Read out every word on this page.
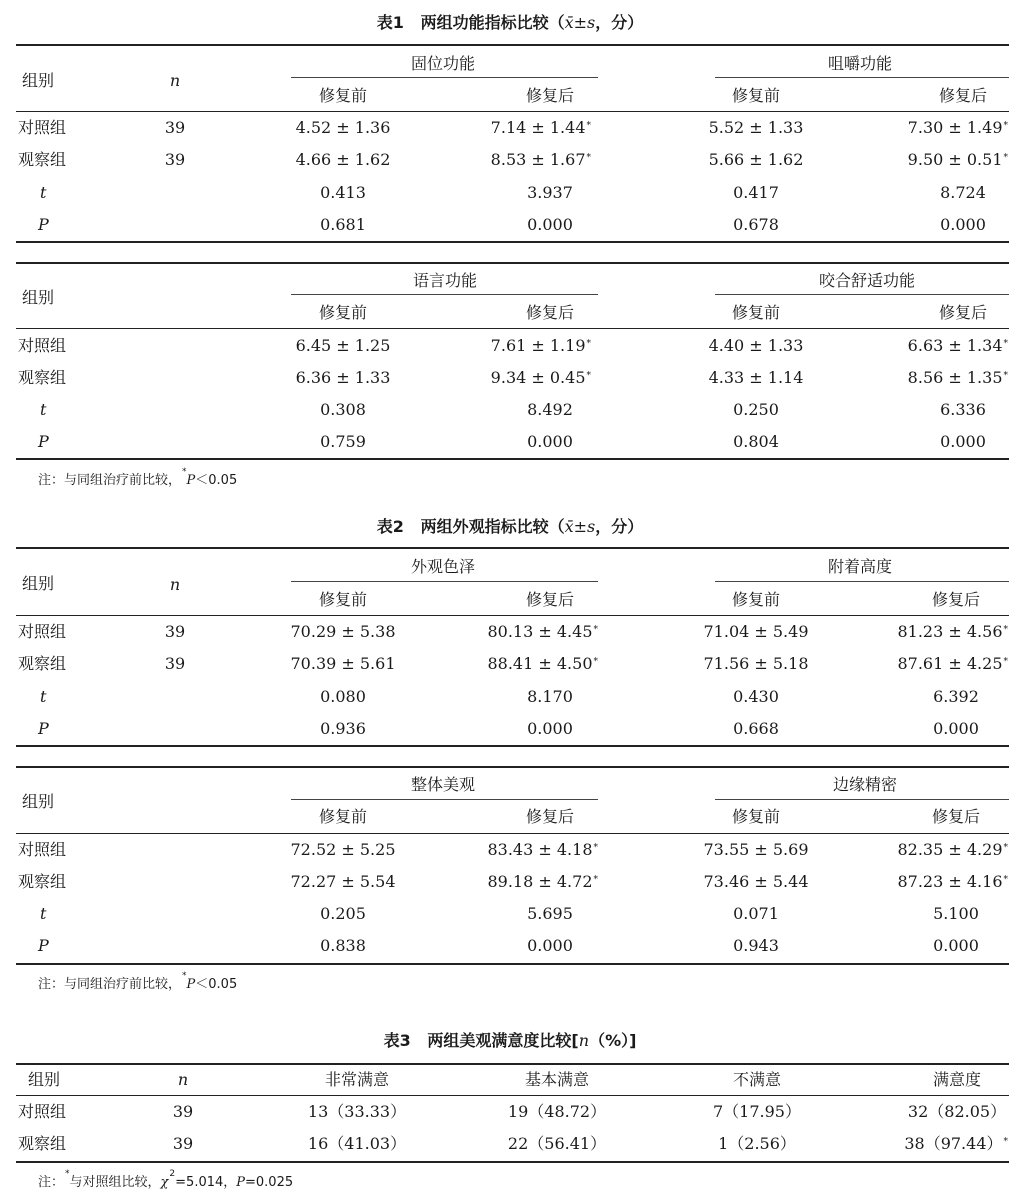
表1 两组功能指标比较（x̄±s，分）
组别	n
固位功能	咀嚼功能
修复前	修复后	修复前	修复后
对照组	39	4.52 ± 1.36	7.14 ± 1.44*	5.52 ± 1.33	7.30 ± 1.49*
观察组	39	4.66 ± 1.62	8.53 ± 1.67*	5.66 ± 1.62	9.50 ± 0.51*
t	0.413	3.937	0.417	8.724
P	0.681	0.000	0.678	0.000
组别
语言功能	咬合舒适功能
修复前	修复后	修复前	修复后
对照组	6.45 ± 1.25	7.61 ± 1.19*	4.40 ± 1.33	6.63 ± 1.34*
观察组	6.36 ± 1.33	9.34 ± 0.45*	4.33 ± 1.14	8.56 ± 1.35*
t	0.308	8.492	0.250	6.336
P	0.759	0.000	0.804	0.000
注：与同组治疗前比较，*P＜0.05
表2 两组外观指标比较（x̄±s，分）
组别	n
外观色泽	附着高度
修复前	修复后	修复前	修复后
对照组	39	70.29 ± 5.38	80.13 ± 4.45*	71.04 ± 5.49	81.23 ± 4.56*
观察组	39	70.39 ± 5.61	88.41 ± 4.50*	71.56 ± 5.18	87.61 ± 4.25*
t	0.080	8.170	0.430	6.392
P	0.936	0.000	0.668	0.000
组别
整体美观	边缘精密
修复前	修复后	修复前	修复后
对照组	72.52 ± 5.25	83.43 ± 4.18*	73.55 ± 5.69	82.35 ± 4.29*
观察组	72.27 ± 5.54	89.18 ± 4.72*	73.46 ± 5.44	87.23 ± 4.16*
t	0.205	5.695	0.071	5.100
P	0.838	0.000	0.943	0.000
注：与同组治疗前比较，*P＜0.05
表3 两组美观满意度比较[n（%）]
组别	n	非常满意	基本满意	不满意	满意度
对照组	39	13（33.33）	19（48.72）	7（17.95）	32（82.05）
观察组	39	16（41.03）	22（56.41）	1（2.56）	38（97.44）*
注：*与对照组比较，$\chi^2=5.014$，P=0.025
